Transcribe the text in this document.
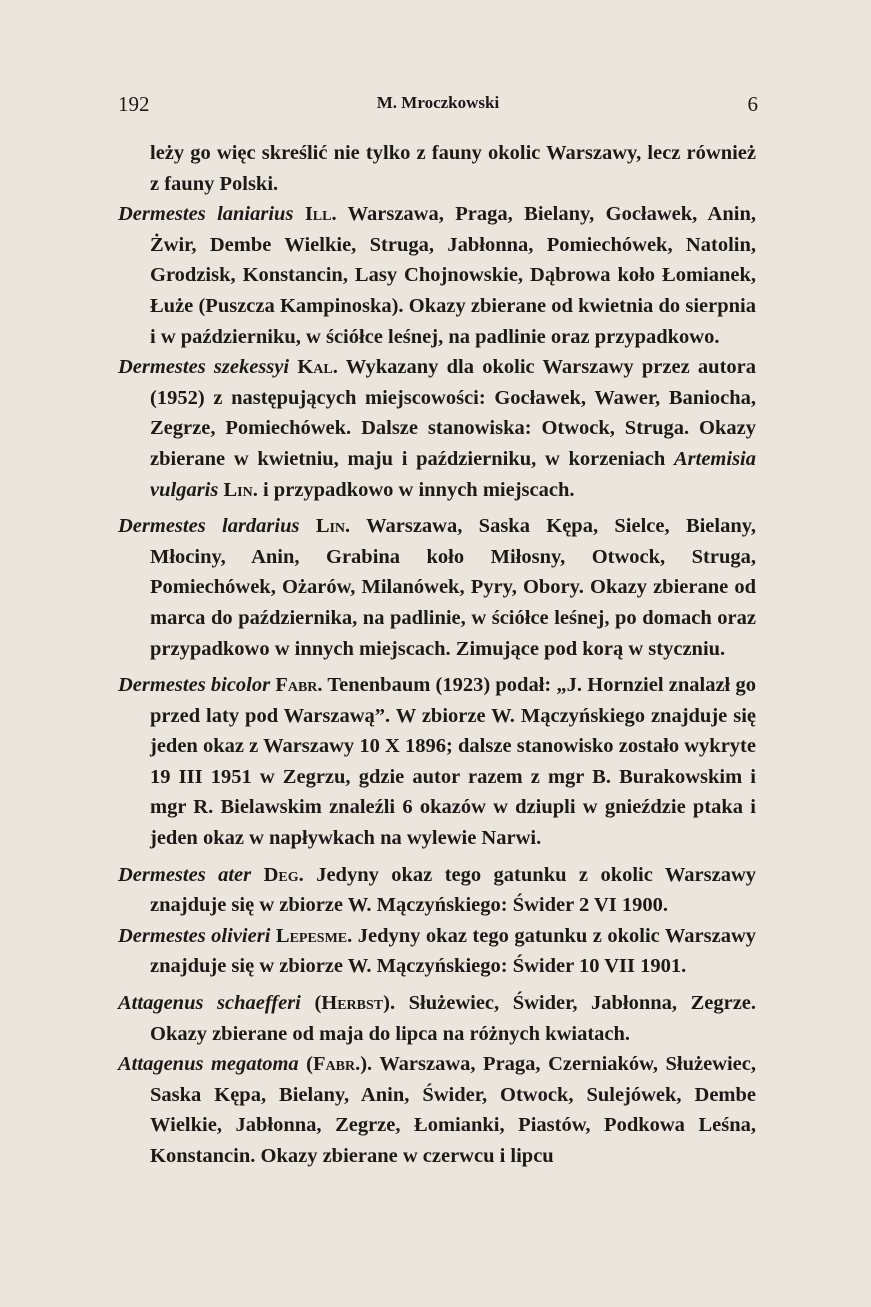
192	M. Mroczkowski	6

leży go więc skreślić nie tylko z fauny okolic Warszawy, lecz również z fauny Polski.

Dermestes laniarius Ill. Warszawa, Praga, Bielany, Gocławek, Anin, Żwir, Dembe Wielkie, Struga, Jabłonna, Pomiechówek, Natolin, Grodzisk, Konstancin, Lasy Chojnowskie, Dąbrowa koło Łomianek, Łuże (Puszcza Kampinoska). Okazy zbierane od kwietnia do sierpnia i w październiku, w ściółce leśnej, na padlinie oraz przypadkowo.

Dermestes szekessyi Kal. Wykazany dla okolic Warszawy przez autora (1952) z następujących miejscowości: Gocławek, Wawer, Baniocha, Zegrze, Pomiechówek. Dalsze stanowiska: Otwock, Struga. Okazy zbierane w kwietniu, maju i październiku, w korzeniach Artemisia vulgaris Lin. i przypadkowo w innych miejscach.

Dermestes lardarius Lin. Warszawa, Saska Kępa, Sielce, Bielany, Młociny, Anin, Grabina koło Miłosny, Otwock, Struga, Pomiechówek, Ożarów, Milanówek, Pyry, Obory. Okazy zbierane od marca do października, na padlinie, w ściółce leśnej, po domach oraz przypadkowo w innych miejscach. Zimujące pod korą w styczniu.

Dermestes bicolor Fabr. Tenenbaum (1923) podał: „J. Hornziel znalazł go przed laty pod Warszawą”. W zbiorze W. Mączyńskiego znajduje się jeden okaz z Warszawy 10 X 1896; dalsze stanowisko zostało wykryte 19 III 1951 w Zegrzu, gdzie autor razem z mgr B. Burakowskim i mgr R. Bielawskim znaleźli 6 okazów w dziupli w gnieździe ptaka i jeden okaz w napływkach na wylewie Narwi.

Dermestes ater Deg. Jedyny okaz tego gatunku z okolic Warszawy znajduje się w zbiorze W. Mączyńskiego: Świder 2 VI 1900.

Dermestes olivieri Lepesme. Jedyny okaz tego gatunku z okolic Warszawy znajduje się w zbiorze W. Mączyńskiego: Świder 10 VII 1901.

Attagenus schaefferi (Herbst). Służewiec, Świder, Jabłonna, Zegrze. Okazy zbierane od maja do lipca na różnych kwiatach.

Attagenus megatoma (Fabr.). Warszawa, Praga, Czerniaków, Służewiec, Saska Kępa, Bielany, Anin, Świder, Otwock, Sulejówek, Dembe Wielkie, Jabłonna, Zegrze, Łomianki, Piastów, Podkowa Leśna, Konstancin. Okazy zbierane w czerwcu i lipcu
